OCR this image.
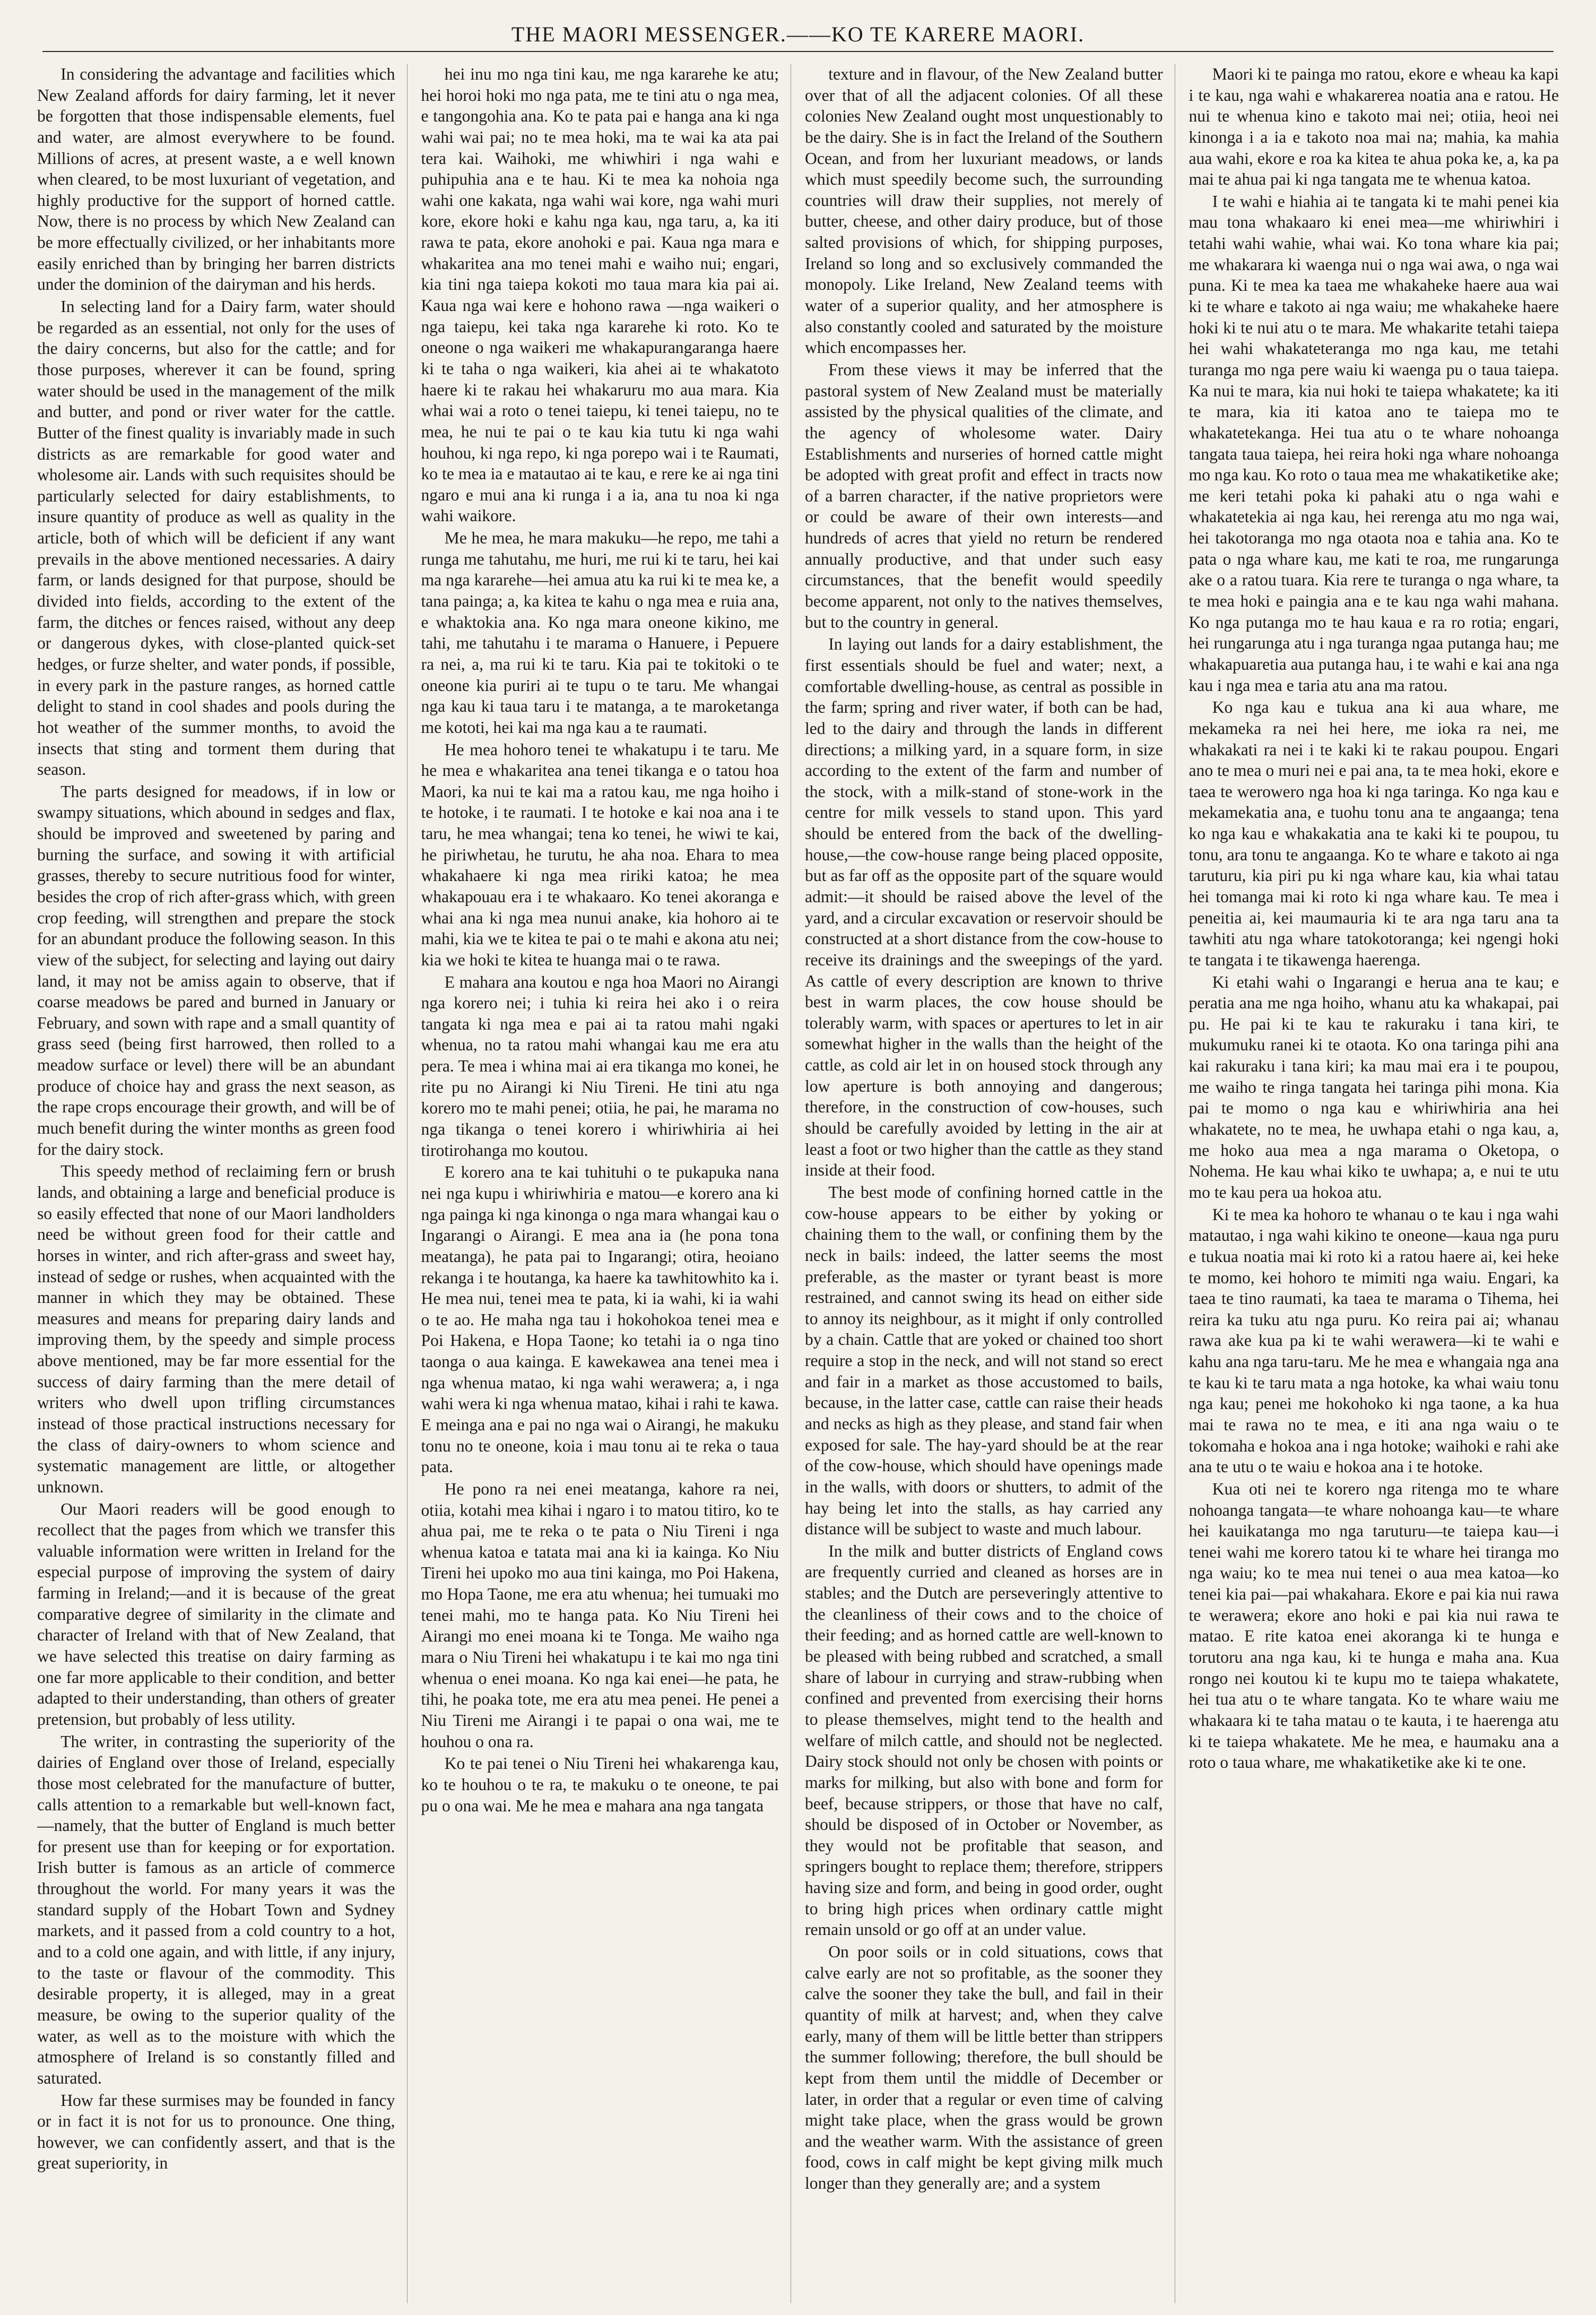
THE MAORI MESSENGER.——KO TE KARERE MAORI.

In considering the advantage and facilities which New Zealand affords for dairy farming, let it never be forgotten that those indispensable elements, fuel and water, are almost everywhere to be found. Millions of acres, at present waste, a e well known when cleared, to be most luxuriant of vegetation, and highly productive for the support of horned cattle. Now, there is no process by which New Zealand can be more effectually civilized, or her inhabitants more easily enriched than by bringing her barren districts under the dominion of the dairyman and his herds.

In selecting land for a Dairy farm, water should be regarded as an essential, not only for the uses of the dairy concerns, but also for the cattle; and for those purposes, wherever it can be found, spring water should be used in the management of the milk and butter, and pond or river water for the cattle. Butter of the finest quality is invariably made in such districts as are remarkable for good water and wholesome air. Lands with such requisites should be particularly selected for dairy establishments, to insure quantity of produce as well as quality in the article, both of which will be deficient if any want prevails in the above mentioned necessaries. A dairy farm, or lands designed for that purpose, should be divided into fields, according to the extent of the farm, the ditches or fences raised, without any deep or dangerous dykes, with close-planted quick-set hedges, or furze shelter, and water ponds, if possible, in every park in the pasture ranges, as horned cattle delight to stand in cool shades and pools during the hot weather of the summer months, to avoid the insects that sting and torment them during that season.

The parts designed for meadows, if in low or swampy situations, which abound in sedges and flax, should be improved and sweetened by paring and burning the surface, and sowing it with artificial grasses, thereby to secure nutritious food for winter, besides the crop of rich after-grass which, with green crop feeding, will strengthen and prepare the stock for an abundant produce the following season. In this view of the subject, for selecting and laying out dairy land, it may not be amiss again to observe, that if coarse meadows be pared and burned in January or February, and sown with rape and a small quantity of grass seed (being first harrowed, then rolled to a meadow surface or level) there will be an abundant produce of choice hay and grass the next season, as the rape crops encourage their growth, and will be of much benefit during the winter months as green food for the dairy stock.

This speedy method of reclaiming fern or brush lands, and obtaining a large and beneficial produce is so easily effected that none of our Maori landholders need be without green food for their cattle and horses in winter, and rich after-grass and sweet hay, instead of sedge or rushes, when acquainted with the manner in which they may be obtained. These measures and means for preparing dairy lands and improving them, by the speedy and simple process above mentioned, may be far more essential for the success of dairy farming than the mere detail of writers who dwell upon trifling circumstances instead of those practical instructions necessary for the class of dairy-owners to whom science and systematic management are little, or altogether unknown.

Our Maori readers will be good enough to recollect that the pages from which we transfer this valuable information were written in Ireland for the especial purpose of improving the system of dairy farming in Ireland;—and it is because of the great comparative degree of similarity in the climate and character of Ireland with that of New Zealand, that we have selected this treatise on dairy farming as one far more applicable to their condition, and better adapted to their understanding, than others of greater pretension, but probably of less utility.

The writer, in contrasting the superiority of the dairies of England over those of Ireland, especially those most celebrated for the manufacture of butter, calls attention to a remarkable but well-known fact,—namely, that the butter of England is much better for present use than for keeping or for exportation. Irish butter is famous as an article of commerce throughout the world. For many years it was the standard supply of the Hobart Town and Sydney markets, and it passed from a cold country to a hot, and to a cold one again, and with little, if any injury, to the taste or flavour of the commodity. This desirable property, it is alleged, may in a great measure, be owing to the superior quality of the water, as well as to the moisture with which the atmosphere of Ireland is so constantly filled and saturated.

How far these surmises may be founded in fancy or in fact it is not for us to pronounce. One thing, however, we can confidently assert, and that is the great superiority, in

hei inu mo nga tini kau, me nga kararehe ke atu; hei horoi hoki mo nga pata, me te tini atu o nga mea, e tangongohia ana. Ko te pata pai e hanga ana ki nga wahi wai pai; no te mea hoki, ma te wai ka ata pai tera kai. Waihoki, me whiwhiri i nga wahi e puhipuhia ana e te hau. Ki te mea ka nohoia nga wahi one kakata, nga wahi wai kore, nga wahi muri kore, ekore hoki e kahu nga kau, nga taru, a, ka iti rawa te pata, ekore anohoki e pai. Kaua nga mara e whakaritea ana mo tenei mahi e waiho nui; engari, kia tini nga taiepa kokoti mo taua mara kia pai ai. Kaua nga wai kere e hohono rawa —nga waikeri o nga taiepu, kei taka nga kararehe ki roto. Ko te oneone o nga waikeri me whakapurangaranga haere ki te taha o nga waikeri, kia ahei ai te whakatoto haere ki te rakau hei whakaruru mo aua mara. Kia whai wai a roto o tenei taiepu, ki tenei taiepu, no te mea, he nui te pai o te kau kia tutu ki nga wahi houhou, ki nga repo, ki nga porepo wai i te Raumati, ko te mea ia e matautao ai te kau, e rere ke ai nga tini ngaro e mui ana ki runga i a ia, ana tu noa ki nga wahi waikore.

Me he mea, he mara makuku—he repo, me tahi a runga me tahutahu, me huri, me rui ki te taru, hei kai ma nga kararehe—hei amua atu ka rui ki te mea ke, a tana painga; a, ka kitea te kahu o nga mea e ruia ana, e whaktokia ana. Ko nga mara oneone kikino, me tahi, me tahutahu i te marama o Hanuere, i Pepuere ra nei, a, ma rui ki te taru. Kia pai te tokitoki o te oneone kia puriri ai te tupu o te taru. Me whangai nga kau ki taua taru i te matanga, a te maroketanga me kototi, hei kai ma nga kau a te raumati.

He mea hohoro tenei te whakatupu i te taru. Me he mea e whakaritea ana tenei tikanga e o tatou hoa Maori, ka nui te kai ma a ratou kau, me nga hoiho i te hotoke, i te raumati. I te hotoke e kai noa ana i te taru, he mea whangai; tena ko tenei, he wiwi te kai, he piriwhetau, he turutu, he aha noa. Ehara to mea whakahaere ki nga mea ririki katoa; he mea whakapouau era i te whakaaro. Ko tenei akoranga e whai ana ki nga mea nunui anake, kia hohoro ai te mahi, kia we te kitea te pai o te mahi e akona atu nei; kia we hoki te kitea te huanga mai o te rawa.

E mahara ana koutou e nga hoa Maori no Airangi nga korero nei; i tuhia ki reira hei ako i o reira tangata ki nga mea e pai ai ta ratou mahi ngaki whenua, no ta ratou mahi whangai kau me era atu pera. Te mea i whina mai ai era tikanga mo konei, he rite pu no Airangi ki Niu Tireni. He tini atu nga korero mo te mahi penei; otiia, he pai, he marama no nga tikanga o tenei korero i whiriwhiria ai hei tirotirohanga mo koutou.

E korero ana te kai tuhituhi o te pukapuka nana nei nga kupu i whiriwhiria e matou—e korero ana ki nga painga ki nga kinonga o nga mara whangai kau o Ingarangi o Airangi. E mea ana ia (he pona tona meatanga), he pata pai to Ingarangi; otira, heoiano rekanga i te houtanga, ka haere ka tawhitowhito ka i. He mea nui, tenei mea te pata, ki ia wahi, ki ia wahi o te ao. He maha nga tau i hokohokoa tenei mea e Poi Hakena, e Hopa Taone; ko tetahi ia o nga tino taonga o aua kainga. E kawekawea ana tenei mea i nga whenua matao, ki nga wahi werawera; a, i nga wahi wera ki nga whenua matao, kihai i rahi te kawa. E meinga ana e pai no nga wai o Airangi, he makuku tonu no te oneone, koia i mau tonu ai te reka o taua pata.

He pono ra nei enei meatanga, kahore ra nei, otiia, kotahi mea kihai i ngaro i to matou titiro, ko te ahua pai, me te reka o te pata o Niu Tireni i nga whenua katoa e tatata mai ana ki ia kainga. Ko Niu Tireni hei upoko mo aua tini kainga, mo Poi Hakena, mo Hopa Taone, me era atu whenua; hei tumuaki mo tenei mahi, mo te hanga pata. Ko Niu Tireni hei Airangi mo enei moana ki te Tonga. Me waiho nga mara o Niu Tireni hei whakatupu i te kai mo nga tini whenua o enei moana. Ko nga kai enei—he pata, he tihi, he poaka tote, me era atu mea penei. He penei a Niu Tireni me Airangi i te papai o ona wai, me te houhou o ona ra.

Ko te pai tenei o Niu Tireni hei whakarenga kau, ko te houhou o te ra, te makuku o te oneone, te pai pu o ona wai. Me he mea e mahara ana nga tangata

texture and in flavour, of the New Zealand butter over that of all the adjacent colonies. Of all these colonies New Zealand ought most unquestionably to be the dairy. She is in fact the Ireland of the Southern Ocean, and from her luxuriant meadows, or lands which must speedily become such, the surrounding countries will draw their supplies, not merely of butter, cheese, and other dairy produce, but of those salted provisions of which, for shipping purposes, Ireland so long and so exclusively commanded the monopoly. Like Ireland, New Zealand teems with water of a superior quality, and her atmosphere is also constantly cooled and saturated by the moisture which encompasses her.

From these views it may be inferred that the pastoral system of New Zealand must be materially assisted by the physical qualities of the climate, and the agency of wholesome water. Dairy Establishments and nurseries of horned cattle might be adopted with great profit and effect in tracts now of a barren character, if the native proprietors were or could be aware of their own interests—and hundreds of acres that yield no return be rendered annually productive, and that under such easy circumstances, that the benefit would speedily become apparent, not only to the natives themselves, but to the country in general.

In laying out lands for a dairy establishment, the first essentials should be fuel and water; next, a comfortable dwelling-house, as central as possible in the farm; spring and river water, if both can be had, led to the dairy and through the lands in different directions; a milking yard, in a square form, in size according to the extent of the farm and number of the stock, with a milk-stand of stone-work in the centre for milk vessels to stand upon. This yard should be entered from the back of the dwelling-house,—the cow-house range being placed opposite, but as far off as the opposite part of the square would admit:—it should be raised above the level of the yard, and a circular excavation or reservoir should be constructed at a short distance from the cow-house to receive its drainings and the sweepings of the yard. As cattle of every description are known to thrive best in warm places, the cow house should be tolerably warm, with spaces or apertures to let in air somewhat higher in the walls than the height of the cattle, as cold air let in on housed stock through any low aperture is both annoying and dangerous; therefore, in the construction of cow-houses, such should be carefully avoided by letting in the air at least a foot or two higher than the cattle as they stand inside at their food.

The best mode of confining horned cattle in the cow-house appears to be either by yoking or chaining them to the wall, or confining them by the neck in bails: indeed, the latter seems the most preferable, as the master or tyrant beast is more restrained, and cannot swing its head on either side to annoy its neighbour, as it might if only controlled by a chain. Cattle that are yoked or chained too short require a stop in the neck, and will not stand so erect and fair in a market as those accustomed to bails, because, in the latter case, cattle can raise their heads and necks as high as they please, and stand fair when exposed for sale. The hay-yard should be at the rear of the cow-house, which should have openings made in the walls, with doors or shutters, to admit of the hay being let into the stalls, as hay carried any distance will be subject to waste and much labour.

In the milk and butter districts of England cows are frequently curried and cleaned as horses are in stables; and the Dutch are perseveringly attentive to the cleanliness of their cows and to the choice of their feeding; and as horned cattle are well-known to be pleased with being rubbed and scratched, a small share of labour in currying and straw-rubbing when confined and prevented from exercising their horns to please themselves, might tend to the health and welfare of milch cattle, and should not be neglected. Dairy stock should not only be chosen with points or marks for milking, but also with bone and form for beef, because strippers, or those that have no calf, should be disposed of in October or November, as they would not be profitable that season, and springers bought to replace them; therefore, strippers having size and form, and being in good order, ought to bring high prices when ordinary cattle might remain unsold or go off at an under value.

On poor soils or in cold situations, cows that calve early are not so profitable, as the sooner they calve the sooner they take the bull, and fail in their quantity of milk at harvest; and, when they calve early, many of them will be little better than strippers the summer following; therefore, the bull should be kept from them until the middle of December or later, in order that a regular or even time of calving might take place, when the grass would be grown and the weather warm. With the assistance of green food, cows in calf might be kept giving milk much longer than they generally are; and a system

Maori ki te painga mo ratou, ekore e wheau ka kapi i te kau, nga wahi e whakarerea noatia ana e ratou. He nui te whenua kino e takoto mai nei; otiia, heoi nei kinonga i a ia e takoto noa mai na; mahia, ka mahia aua wahi, ekore e roa ka kitea te ahua poka ke, a, ka pa mai te ahua pai ki nga tangata me te whenua katoa.

I te wahi e hiahia ai te tangata ki te mahi penei kia mau tona whakaaro ki enei mea—me whiriwhiri i tetahi wahi wahie, whai wai. Ko tona whare kia pai; me whakarara ki waenga nui o nga wai awa, o nga wai puna. Ki te mea ka taea me whakaheke haere aua wai ki te whare e takoto ai nga waiu; me whakaheke haere hoki ki te nui atu o te mara. Me whakarite tetahi taiepa hei wahi whakateteranga mo nga kau, me tetahi turanga mo nga pere waiu ki waenga pu o taua taiepa. Ka nui te mara, kia nui hoki te taiepa whakatete; ka iti te mara, kia iti katoa ano te taiepa mo te whakatetekanga. Hei tua atu o te whare nohoanga tangata taua taiepa, hei reira hoki nga whare nohoanga mo nga kau. Ko roto o taua mea me whakatiketike ake; me keri tetahi poka ki pahaki atu o nga wahi e whakatetekia ai nga kau, hei rerenga atu mo nga wai, hei takotoranga mo nga otaota noa e tahia ana. Ko te pata o nga whare kau, me kati te roa, me rungarunga ake o a ratou tuara. Kia rere te turanga o nga whare, ta te mea hoki e paingia ana e te kau nga wahi mahana. Ko nga putanga mo te hau kaua e ra ro rotia; engari, hei rungarunga atu i nga turanga ngaa putanga hau; me whakapuaretia aua putanga hau, i te wahi e kai ana nga kau i nga mea e taria atu ana ma ratou.

Ko nga kau e tukua ana ki aua whare, me mekameka ra nei hei here, me ioka ra nei, me whakakati ra nei i te kaki ki te rakau poupou. Engari ano te mea o muri nei e pai ana, ta te mea hoki, ekore e taea te werowero nga hoa ki nga taringa. Ko nga kau e mekamekatia ana, e tuohu tonu ana te angaanga; tena ko nga kau e whakakatia ana te kaki ki te poupou, tu tonu, ara tonu te angaanga. Ko te whare e takoto ai nga taruturu, kia piri pu ki nga whare kau, kia whai tatau hei tomanga mai ki roto ki nga whare kau. Te mea i peneitia ai, kei maumauria ki te ara nga taru ana ta tawhiti atu nga whare tatokotoranga; kei ngengi hoki te tangata i te tikawenga haerenga.

Ki etahi wahi o Ingarangi e herua ana te kau; e peratia ana me nga hoiho, whanu atu ka whakapai, pai pu. He pai ki te kau te rakuraku i tana kiri, te mukumuku ranei ki te otaota. Ko ona taringa pihi ana kai rakuraku i tana kiri; ka mau mai era i te poupou, me waiho te ringa tangata hei taringa pihi mona. Kia pai te momo o nga kau e whiriwhiria ana hei whakatete, no te mea, he uwhapa etahi o nga kau, a, me hoko aua mea a nga marama o Oketopa, o Nohema. He kau whai kiko te uwhapa; a, e nui te utu mo te kau pera ua hokoa atu.

Ki te mea ka hohoro te whanau o te kau i nga wahi matautao, i nga wahi kikino te oneone—kaua nga puru e tukua noatia mai ki roto ki a ratou haere ai, kei heke te momo, kei hohoro te mimiti nga waiu. Engari, ka taea te tino raumati, ka taea te marama o Tihema, hei reira ka tuku atu nga puru. Ko reira pai ai; whanau rawa ake kua pa ki te wahi werawera—ki te wahi e kahu ana nga taru-taru. Me he mea e whangaia nga ana te kau ki te taru mata a nga hotoke, ka whai waiu tonu nga kau; penei me hokohoko ki nga taone, a ka hua mai te rawa no te mea, e iti ana nga waiu o te tokomaha e hokoa ana i nga hotoke; waihoki e rahi ake ana te utu o te waiu e hokoa ana i te hotoke.

Kua oti nei te korero nga ritenga mo te whare nohoanga tangata—te whare nohoanga kau—te whare hei kauikatanga mo nga taruturu—te taiepa kau—i tenei wahi me korero tatou ki te whare hei tiranga mo nga waiu; ko te mea nui tenei o aua mea katoa—ko tenei kia pai—pai whakahara. Ekore e pai kia nui rawa te werawera; ekore ano hoki e pai kia nui rawa te matao. E rite katoa enei akoranga ki te hunga e torutoru ana nga kau, ki te hunga e maha ana. Kua rongo nei koutou ki te kupu mo te taiepa whakatete, hei tua atu o te whare tangata. Ko te whare waiu me whakaara ki te taha matau o te kauta, i te haerenga atu ki te taiepa whakatete. Me he mea, e haumaku ana a roto o taua whare, me whakatiketike ake ki te one.
